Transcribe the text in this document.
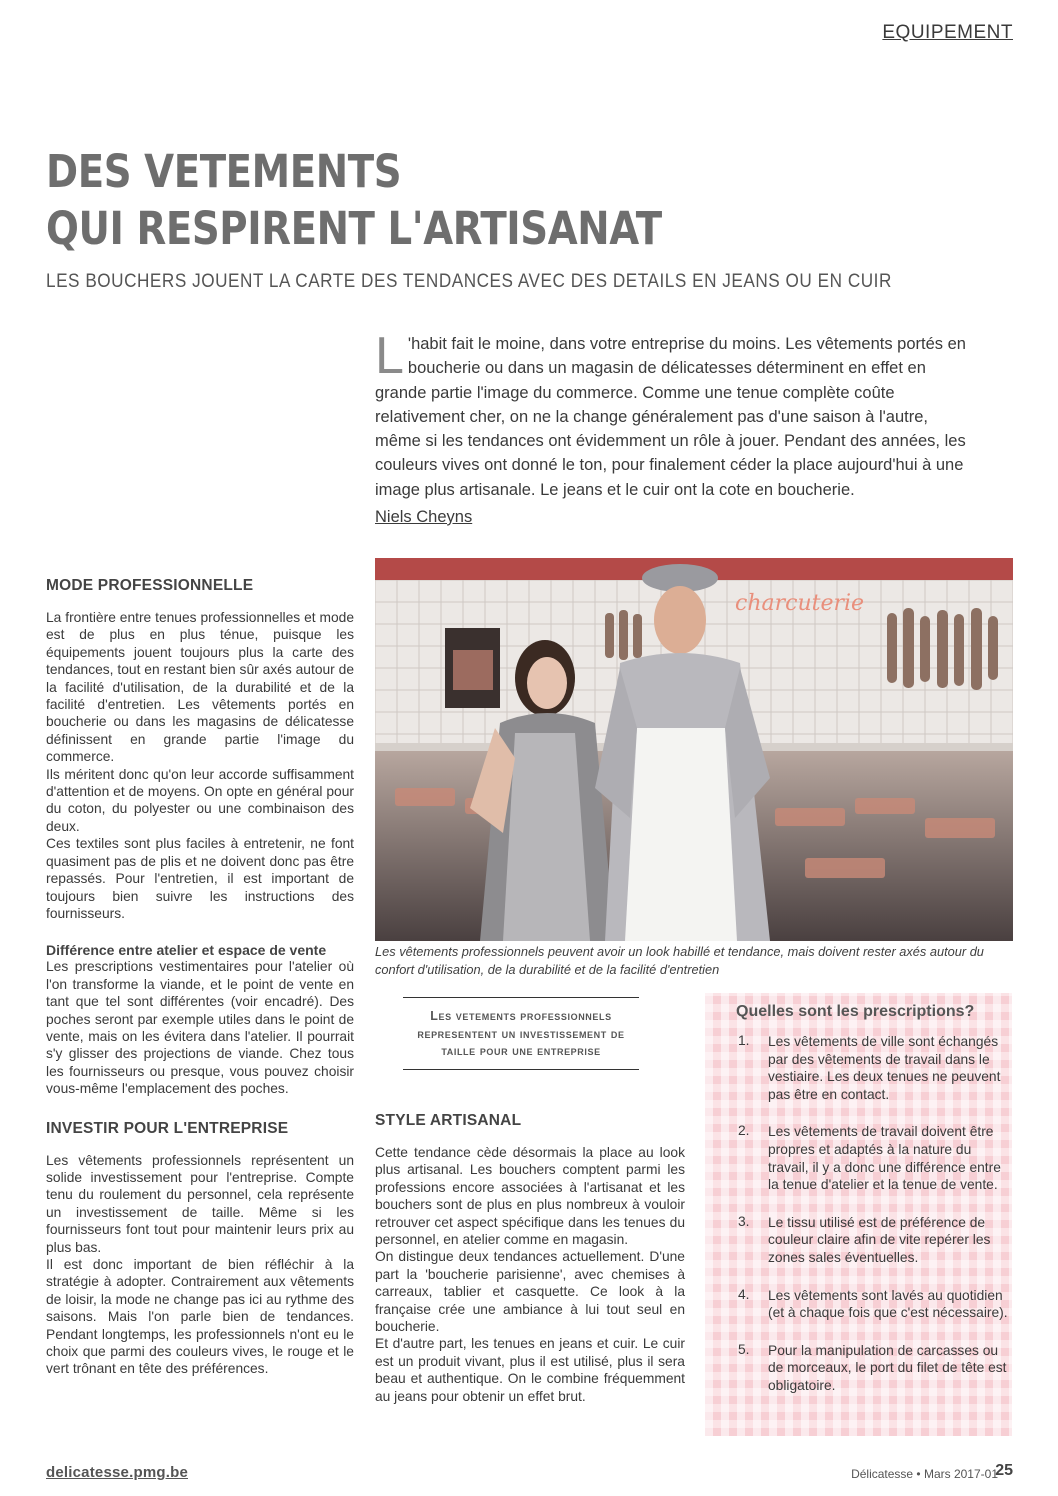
EQUIPEMENT
DES VETEMENTS
QUI RESPIRENT L'ARTISANAT

LES BOUCHERS JOUENT LA CARTE DES TENDANCES AVEC DES DETAILS EN JEANS OU EN CUIR

L 'habit fait le moine, dans votre entreprise du moins. Les vêtements portés en boucherie ou dans un magasin de délicatesses déterminent en effet en grande partie l'image du commerce. Comme une tenue complète coûte relativement cher, on ne la change généralement pas d'une saison à l'autre, même si les tendances ont évidemment un rôle à jouer. Pendant des années, les couleurs vives ont donné le ton, pour finalement céder la place aujourd'hui à une image plus artisanale. Le jeans et le cuir ont la cote en boucherie.

Niels Cheyns
MODE PROFESSIONNELLE

La frontière entre tenues professionnelles et mode est de plus en plus ténue, puisque les équipements jouent toujours plus la carte des tendances, tout en restant bien sûr axés autour de la facilité d'utilisation, de la durabilité et de la facilité d'entretien. Les vêtements portés en boucherie ou dans les magasins de délicatesse définissent en grande partie l'image du commerce.

Ils méritent donc qu'on leur accorde suffisamment d'attention et de moyens. On opte en général pour du coton, du polyester ou une combinaison des deux.

Ces textiles sont plus faciles à entretenir, ne font quasiment pas de plis et ne doivent donc pas être repassés. Pour l'entretien, il est important de toujours bien suivre les instructions des fournisseurs.

Différence entre atelier et espace de vente

Les prescriptions vestimentaires pour l'atelier où l'on transforme la viande, et le point de vente en tant que tel sont différentes (voir encadré). Des poches seront par exemple utiles dans le point de vente, mais on les évitera dans l'atelier. Il pourrait s'y glisser des projections de viande. Chez tous les fournisseurs ou presque, vous pouvez choisir vous-même l'emplacement des poches.

INVESTIR POUR L'ENTREPRISE

Les vêtements professionnels représentent un solide investissement pour l'entreprise. Compte tenu du roulement du personnel, cela représente un investissement de taille. Même si les fournisseurs font tout pour maintenir leurs prix au plus bas.

Il est donc important de bien réfléchir à la stratégie à adopter. Contrairement aux vêtements de loisir, la mode ne change pas ici au rythme des saisons. Mais l'on parle bien de tendances. Pendant longtemps, les professionnels n'ont eu le choix que parmi des couleurs vives, le rouge et le vert trônant en tête des préférences.

charcuterie

Les vêtements professionnels peuvent avoir un look habillé et tendance, mais doivent rester axés autour du confort d'utilisation, de la durabilité et de la facilité d'entretien

Les vetements professionnels representent un investissement de taille pour une entreprise
STYLE ARTISANAL

Cette tendance cède désormais la place au look plus artisanal. Les bouchers comptent parmi les professions encore associées à l'artisanat et les bouchers sont de plus en plus nombreux à vouloir retrouver cet aspect spécifique dans les tenues du personnel, en atelier comme en magasin.

On distingue deux tendances actuellement. D'une part la 'boucherie parisienne', avec chemises à carreaux, tablier et casquette. Ce look à la française crée une ambiance à lui tout seul en boucherie.

Et d'autre part, les tenues en jeans et cuir. Le cuir est un produit vivant, plus il est utilisé, plus il sera beau et authentique. On le combine fréquemment au jeans pour obtenir un effet brut.

Quelles sont les prescriptions?
1. Les vêtements de ville sont échangés par des vêtements de travail dans le vestiaire. Les deux tenues ne peuvent pas être en contact.
2. Les vêtements de travail doivent être propres et adaptés à la nature du travail, il y a donc une différence entre la tenue d'atelier et la tenue de vente.
3. Le tissu utilisé est de préférence de couleur claire afin de vite repérer les zones sales éventuelles.
4. Les vêtements sont lavés au quotidien (et à chaque fois que c'est nécessaire).
5. Pour la manipulation de carcasses ou de morceaux, le port du filet de tête est obligatoire.
delicatesse.pmg.be	Délicatesse • Mars 2017-01
25
